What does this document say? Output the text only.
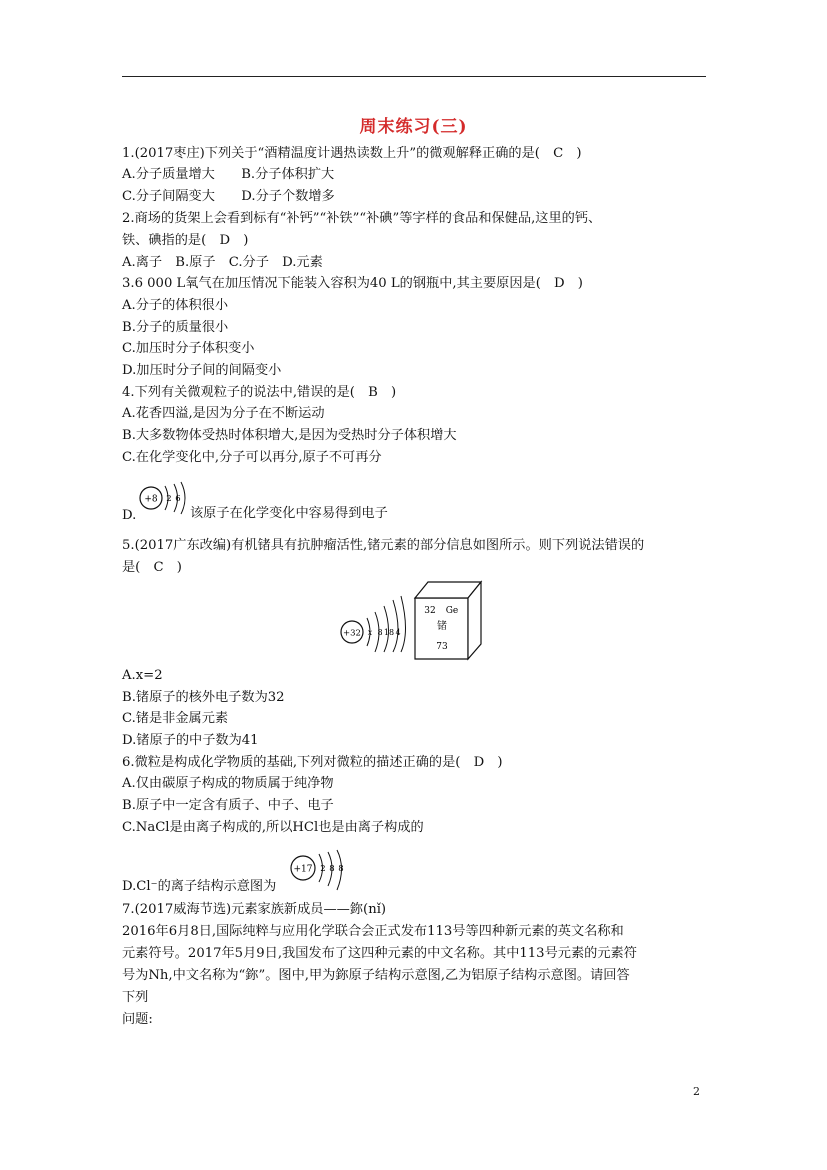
周末练习(三)
1.(2017枣庄)下列关于“酒精温度计遇热读数上升”的微观解释正确的是(　C　)
A.分子质量增大　　B.分子体积扩大
C.分子间隔变大　　D.分子个数增多
2.商场的货架上会看到标有“补钙”“补铁”“补碘”等字样的食品和保健品,这里的钙、
铁、碘指的是(　D　)
A.离子　B.原子　C.分子　D.元素
3.6 000 L氧气在加压情况下能装入容积为40 L的钢瓶中,其主要原因是(　D　)
A.分子的体积很小
B.分子的质量很小
C.加压时分子体积变小
D.加压时分子间的间隔变小
4.下列有关微观粒子的说法中,错误的是(　B　)
A.花香四溢,是因为分子在不断运动
B.大多数物体受热时体积增大,是因为受热时分子体积增大
C.在化学变化中,分子可以再分,原子不可再分
D.
+8 2 6
该原子在化学变化中容易得到电子
5.(2017广东改编)有机锗具有抗肿瘤活性,锗元素的部分信息如图所示。则下列说法错误的
是(　C　)
+32 x 8 18 4
32 Ge
锗
73
A.x=2
B.锗原子的核外电子数为32
C.锗是非金属元素
D.锗原子的中子数为41
6.微粒是构成化学物质的基础,下列对微粒的描述正确的是(　D　)
A.仅由碳原子构成的物质属于纯净物
B.原子中一定含有质子、中子、电子
C.NaCl是由离子构成的,所以HCl也是由离子构成的
+17 2 8 8
D.Cl⁻的离子结构示意图为
7.(2017威海节选)元素家族新成员——鉨(nǐ)
2016年6月8日,国际纯粹与应用化学联合会正式发布113号等四种新元素的英文名称和
元素符号。2017年5月9日,我国发布了这四种元素的中文名称。其中113号元素的元素符
号为Nh,中文名称为“鉨”。图中,甲为鉨原子结构示意图,乙为铝原子结构示意图。请回答
下列
问题:
2
